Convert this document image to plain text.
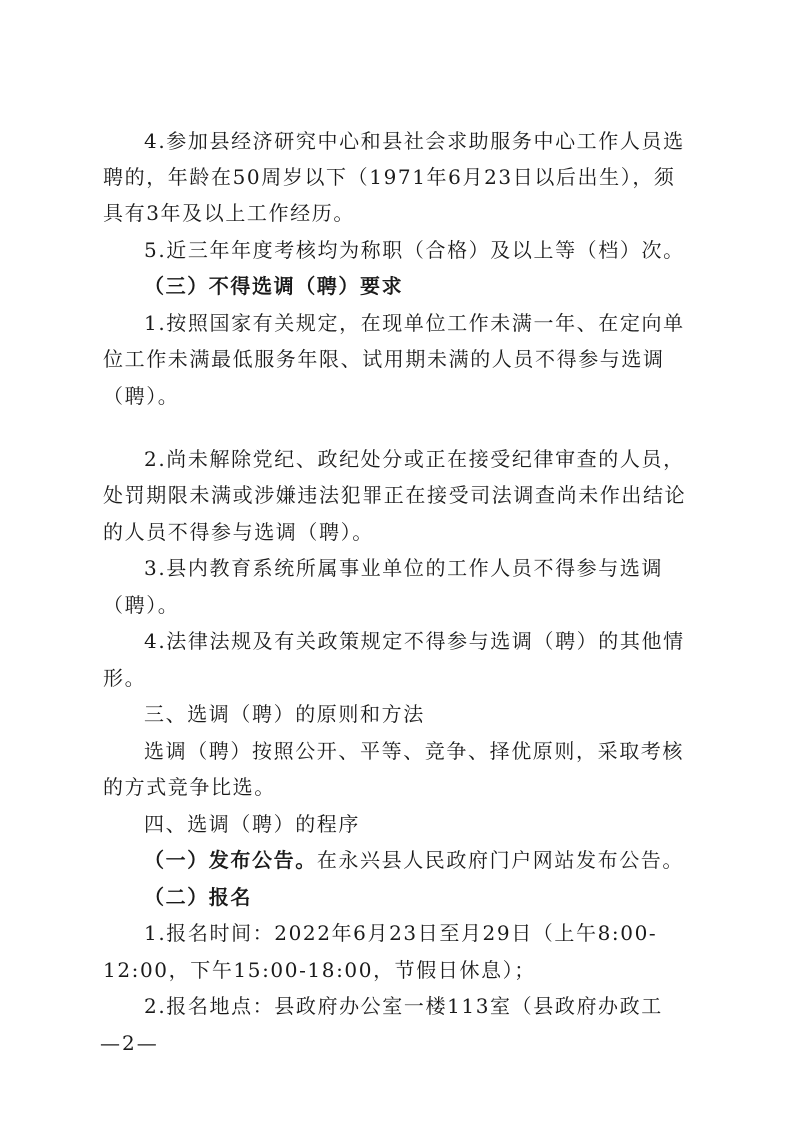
4.参加县经济研究中心和县社会求助服务中心工作人员选
聘的，年龄在50周岁以下（1971年6月23日以后出生），须
具有3年及以上工作经历。
5.近三年年度考核均为称职（合格）及以上等（档）次。
（三）不得选调（聘）要求
1.按照国家有关规定，在现单位工作未满一年、在定向单
位工作未满最低服务年限、试用期未满的人员不得参与选调
（聘）。
2.尚未解除党纪、政纪处分或正在接受纪律审查的人员，
处罚期限未满或涉嫌违法犯罪正在接受司法调查尚未作出结论
的人员不得参与选调（聘）。
3.县内教育系统所属事业单位的工作人员不得参与选调
（聘）。
4.法律法规及有关政策规定不得参与选调（聘）的其他情
形。
三、选调（聘）的原则和方法
选调（聘）按照公开、平等、竞争、择优原则，采取考核
的方式竞争比选。
四、选调（聘）的程序
（一）发布公告。在永兴县人民政府门户网站发布公告。
（二）报名
1.报名时间：2022年6月23日至月29日（上午8:00-
12:00，下午15:00-18:00，节假日休息）；
2.报名地点：县政府办公室一楼113室（县政府办政工
—2—
